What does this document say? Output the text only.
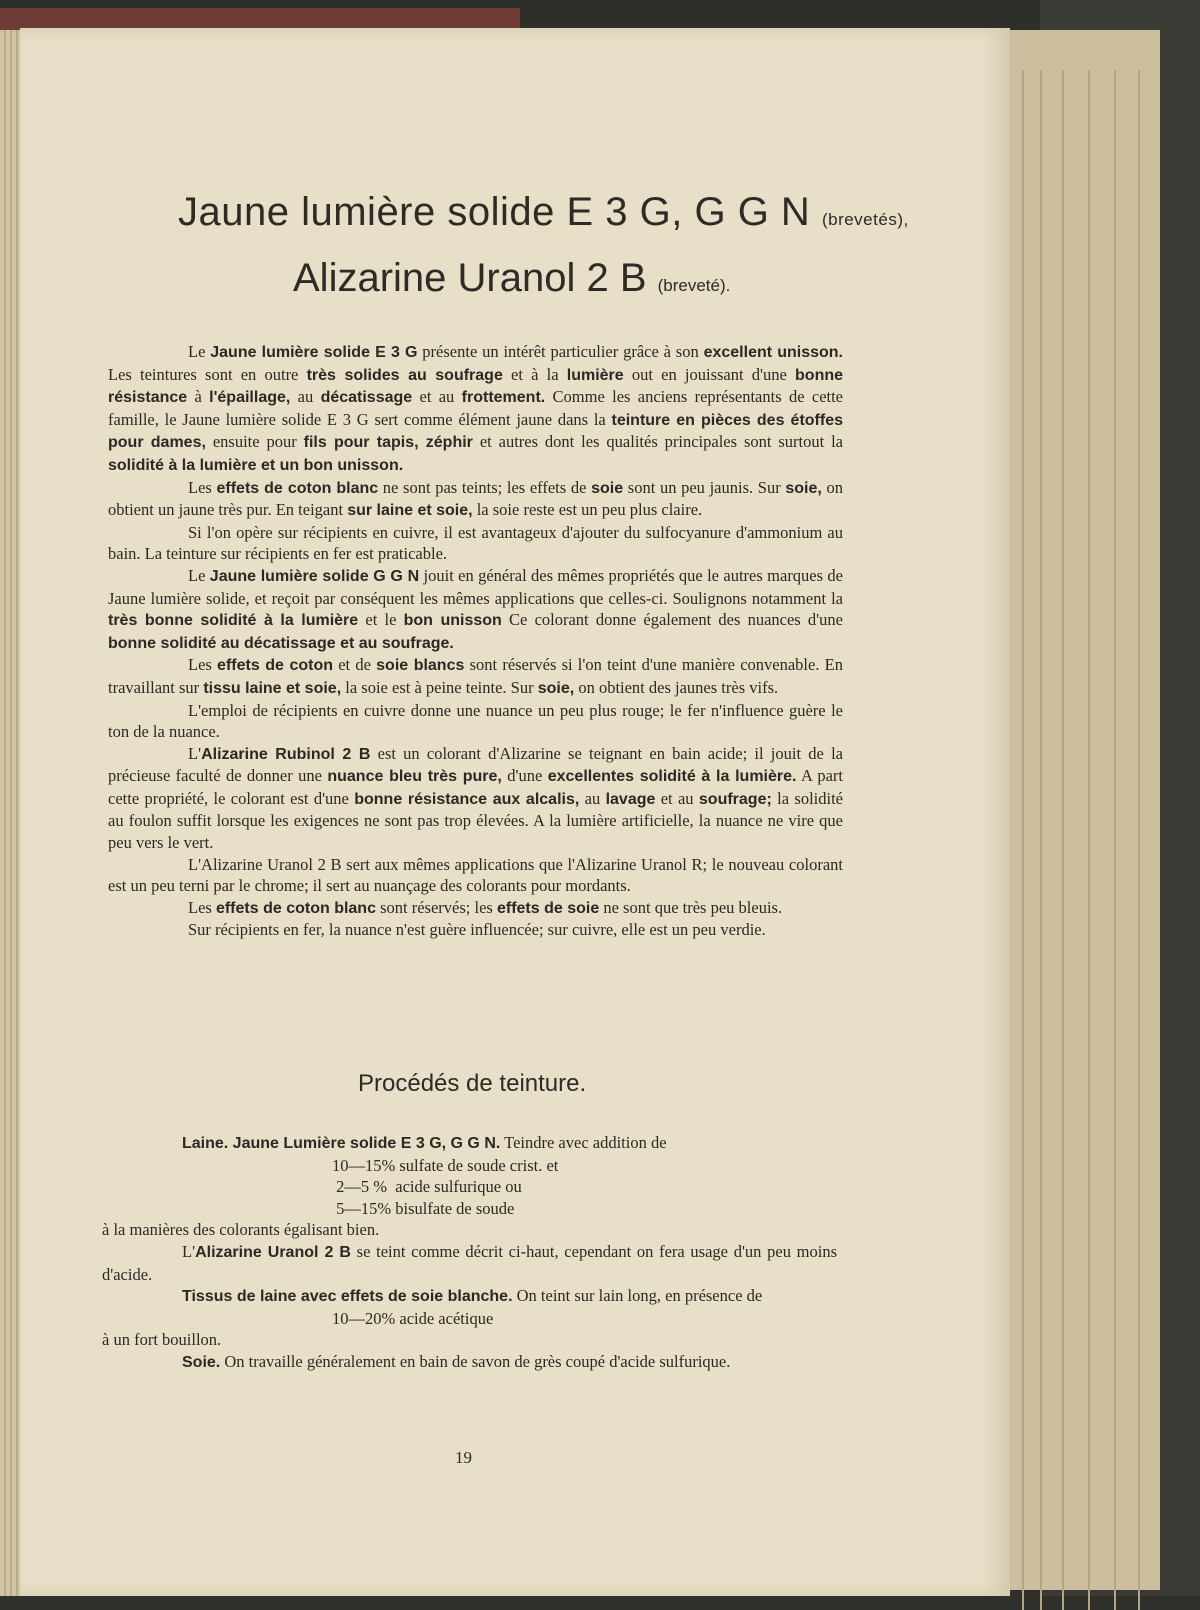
Jaune lumière solide E 3 G, G G N (brevetés),
Alizarine Uranol 2 B (breveté).

Le Jaune lumière solide E 3 G présente un intérêt particulier grâce à son excellent unisson. Les teintures sont en outre très solides au soufrage et à la lumière out en jouissant d'une bonne résistance à l'épaillage, au décatissage et au frottement. Comme les anciens représentants de cette famille, le Jaune lumière solide E 3 G sert comme élément jaune dans la teinture en pièces des étoffes pour dames, ensuite pour fils pour tapis, zéphir et autres dont les qualités principales sont surtout la solidité à la lumière et un bon unisson.

Les effets de coton blanc ne sont pas teints; les effets de soie sont un peu jaunis. Sur soie, on obtient un jaune très pur. En teigant sur laine et soie, la soie reste est un peu plus claire.

Si l'on opère sur récipients en cuivre, il est avantageux d'ajouter du sulfocyanure d'ammonium au bain. La teinture sur récipients en fer est praticable.

Le Jaune lumière solide G G N jouit en général des mêmes propriétés que le autres marques de Jaune lumière solide, et reçoit par conséquent les mêmes applications que celles-ci. Soulignons notamment la très bonne solidité à la lumière et le bon unisson Ce colorant donne également des nuances d'une bonne solidité au décatissage et au soufrage.

Les effets de coton et de soie blancs sont réservés si l'on teint d'une manière convenable. En travaillant sur tissu laine et soie, la soie est à peine teinte. Sur soie, on obtient des jaunes très vifs.

L'emploi de récipients en cuivre donne une nuance un peu plus rouge; le fer n'influence guère le ton de la nuance.

L'Alizarine Rubinol 2 B est un colorant d'Alizarine se teignant en bain acide; il jouit de la précieuse faculté de donner une nuance bleu très pure, d'une excellentes solidité à la lumière. A part cette propriété, le colorant est d'une bonne résistance aux alcalis, au lavage et au soufrage; la solidité au foulon suffit lorsque les exigences ne sont pas trop élevées. A la lumière artificielle, la nuance ne vire que peu vers le vert.

L'Alizarine Uranol 2 B sert aux mêmes applications que l'Alizarine Uranol R; le nouveau colorant est un peu terni par le chrome; il sert au nuançage des colorants pour mordants.

Les effets de coton blanc sont réservés; les effets de soie ne sont que très peu bleuis.

Sur récipients en fer, la nuance n'est guère influencée; sur cuivre, elle est un peu verdie.

Procédés de teinture.

Laine. Jaune Lumière solide E 3 G, G G N. Teindre avec addition de

10—15% sulfate de soude crist. et

2—5 %  acide sulfurique ou

5—15% bisulfate de soude

à la manières des colorants égalisant bien.

L'Alizarine Uranol 2 B se teint comme décrit ci-haut, cependant on fera usage d'un peu moins d'acide.

Tissus de laine avec effets de soie blanche. On teint sur lain long, en présence de

10—20% acide acétique

à un fort bouillon.

Soie. On travaille généralement en bain de savon de grès coupé d'acide sulfurique.

19
